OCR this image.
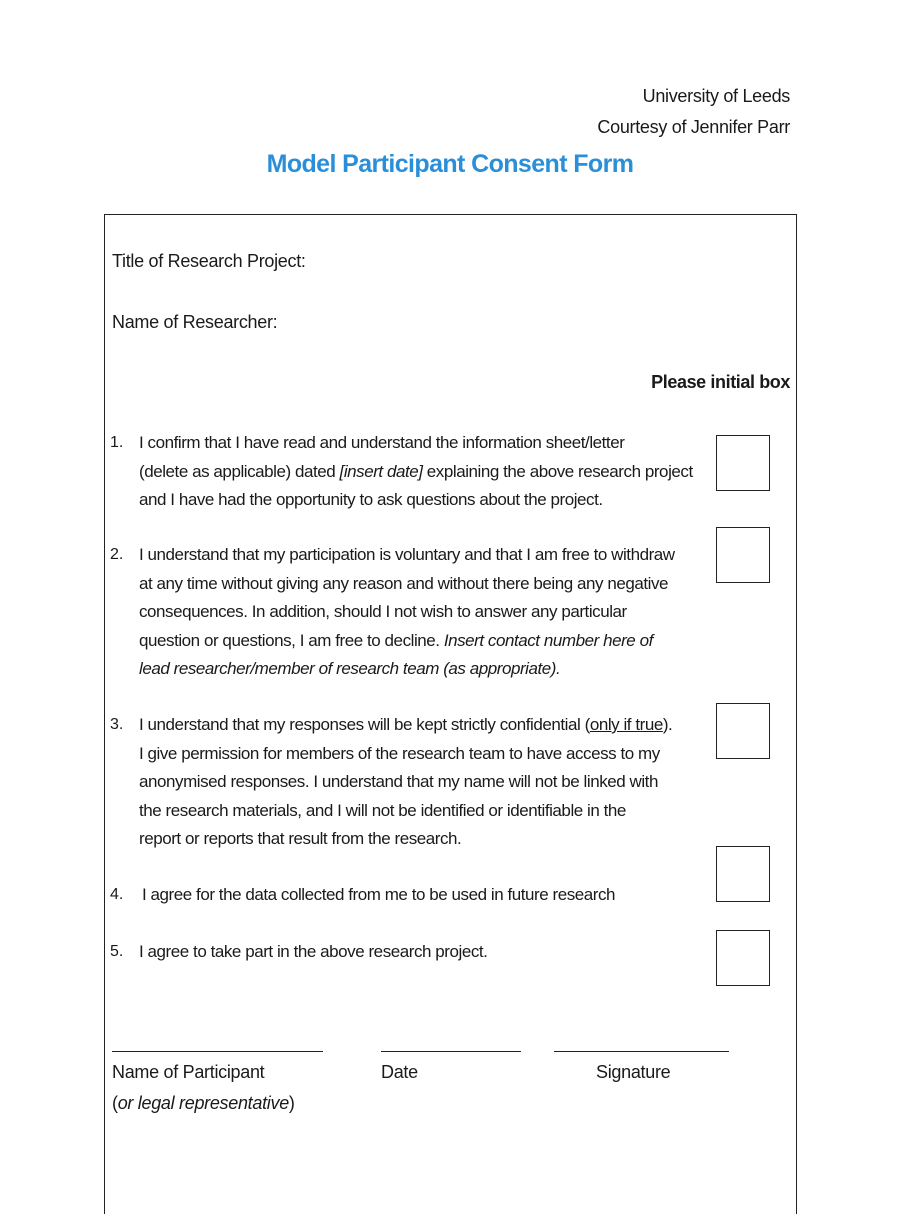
University of Leeds
Courtesy of Jennifer Parr
Model Participant Consent Form
Title of Research Project:
Name of Researcher:
Please initial box
1. I confirm that I have read and understand the information sheet/letter
(delete as applicable) dated [insert date] explaining the above research project
and I have had the opportunity to ask questions about the project.
2. I understand that my participation is voluntary and that I am free to withdraw
at any time without giving any reason and without there being any negative
consequences. In addition, should I not wish to answer any particular
question or questions, I am free to decline. Insert contact number here of
lead researcher/member of research team (as appropriate).
3. I understand that my responses will be kept strictly confidential (only if true).
I give permission for members of the research team to have access to my
anonymised responses. I understand that my name will not be linked with
the research materials, and I will not be identified or identifiable in the
report or reports that result from the research.
4. I agree for the data collected from me to be used in future research
5. I agree to take part in the above research project.
Name of Participant	Date	Signature
(or legal representative)
